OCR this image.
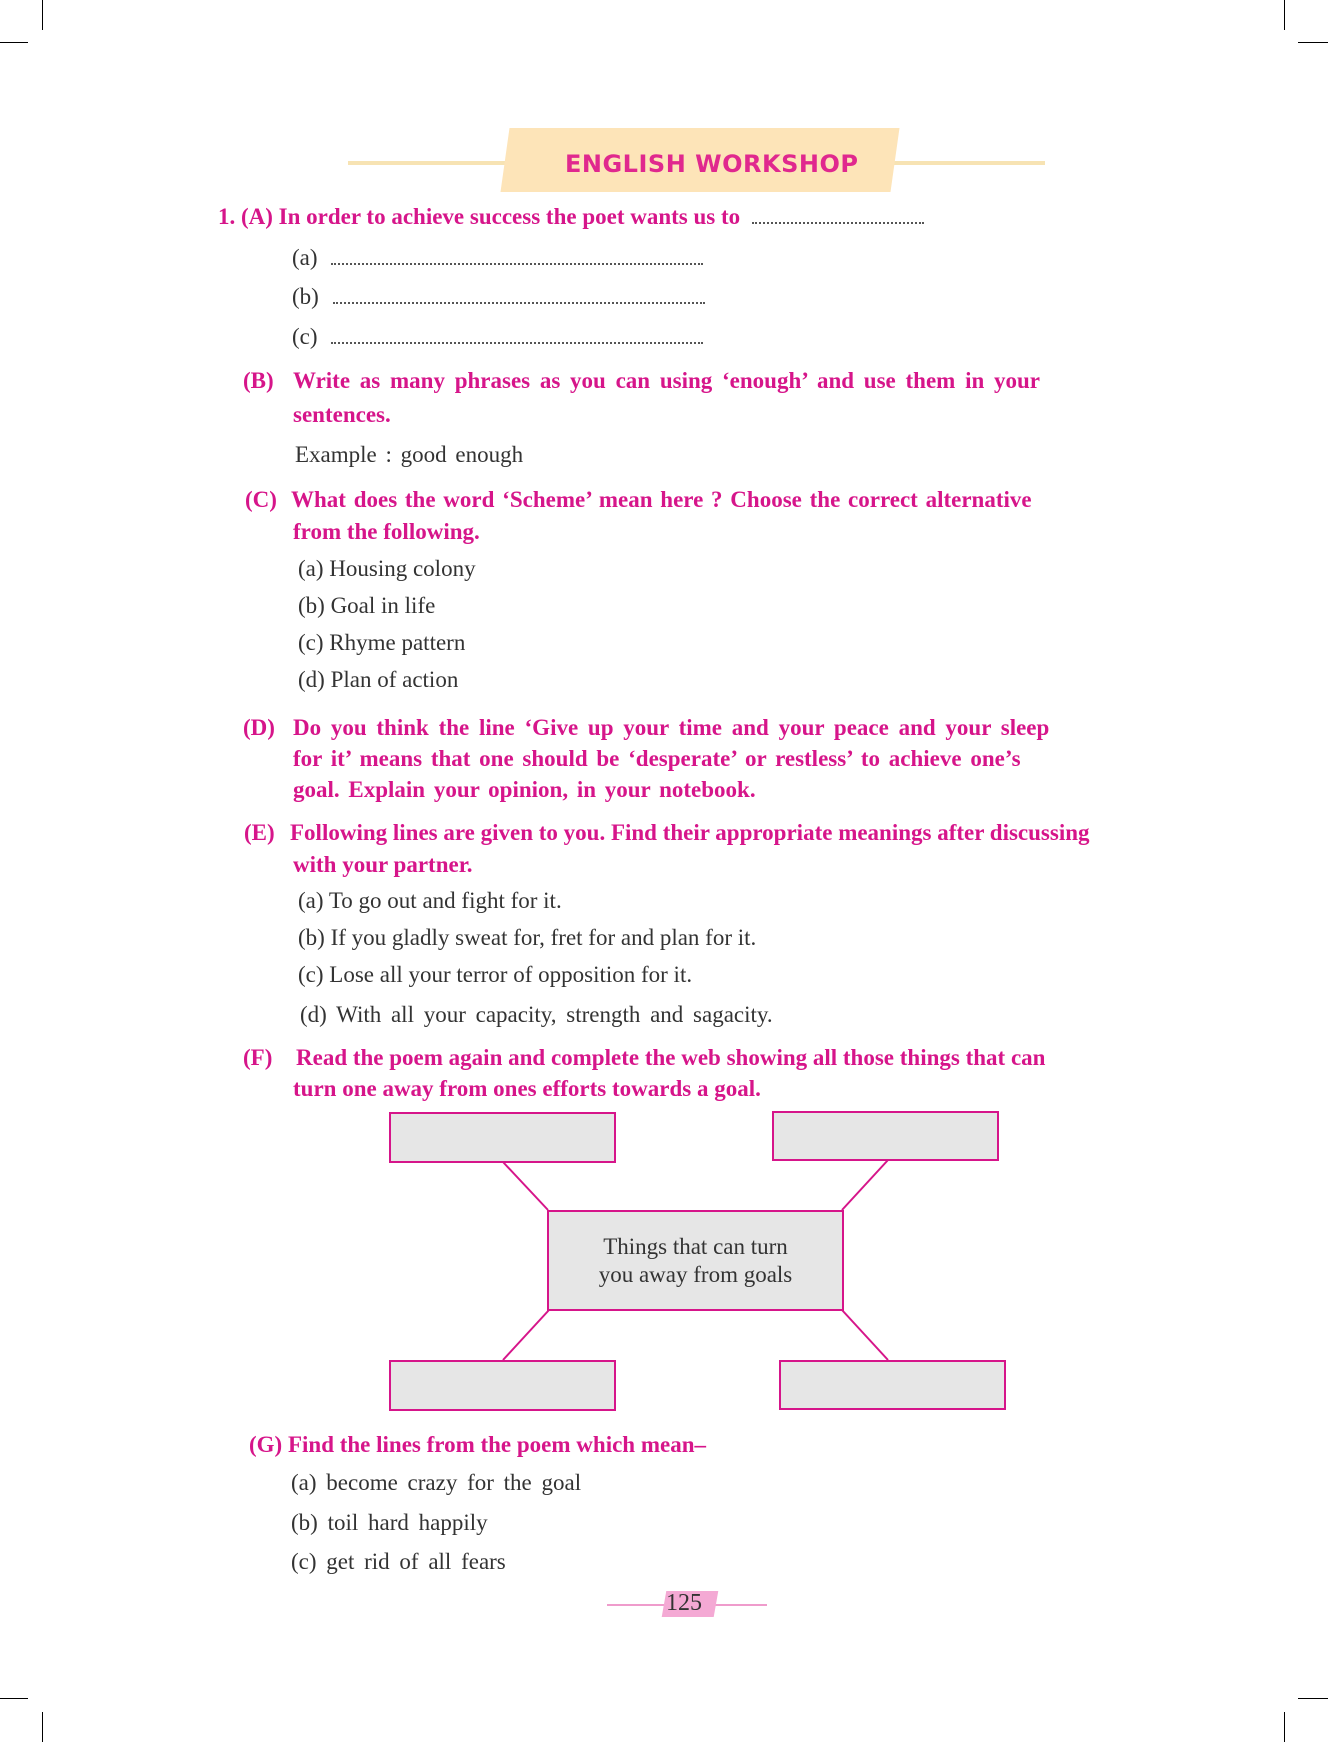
ENGLISH WORKSHOP
1. (A) In order to achieve success the poet wants us to
(a)
(b)
(c)
(B) Write as many phrases as you can using ‘enough’ and use them in your
sentences.
Example : good enough
(C) What does the word ‘Scheme’ mean here ? Choose the correct alternative
from the following.
(a) Housing colony
(b) Goal in life
(c) Rhyme pattern
(d) Plan of action
(D) Do you think the line ‘Give up your time and your peace and your sleep
for it’ means that one should be ‘desperate’ or restless’ to achieve one’s
goal. Explain your opinion, in your notebook.
(E) Following lines are given to you. Find their appropriate meanings after discussing
with your partner.
(a) To go out and fight for it.
(b) If you gladly sweat for, fret for and plan for it.
(c) Lose all your terror of opposition for it.
(d) With all your capacity, strength and sagacity.
(F) Read the poem again and complete the web showing all those things that can
turn one away from ones efforts towards a goal.
Things that can turn
you away from goals
(G) Find the lines from the poem which mean–
(a) become crazy for the goal
(b) toil hard happily
(c) get rid of all fears
125
